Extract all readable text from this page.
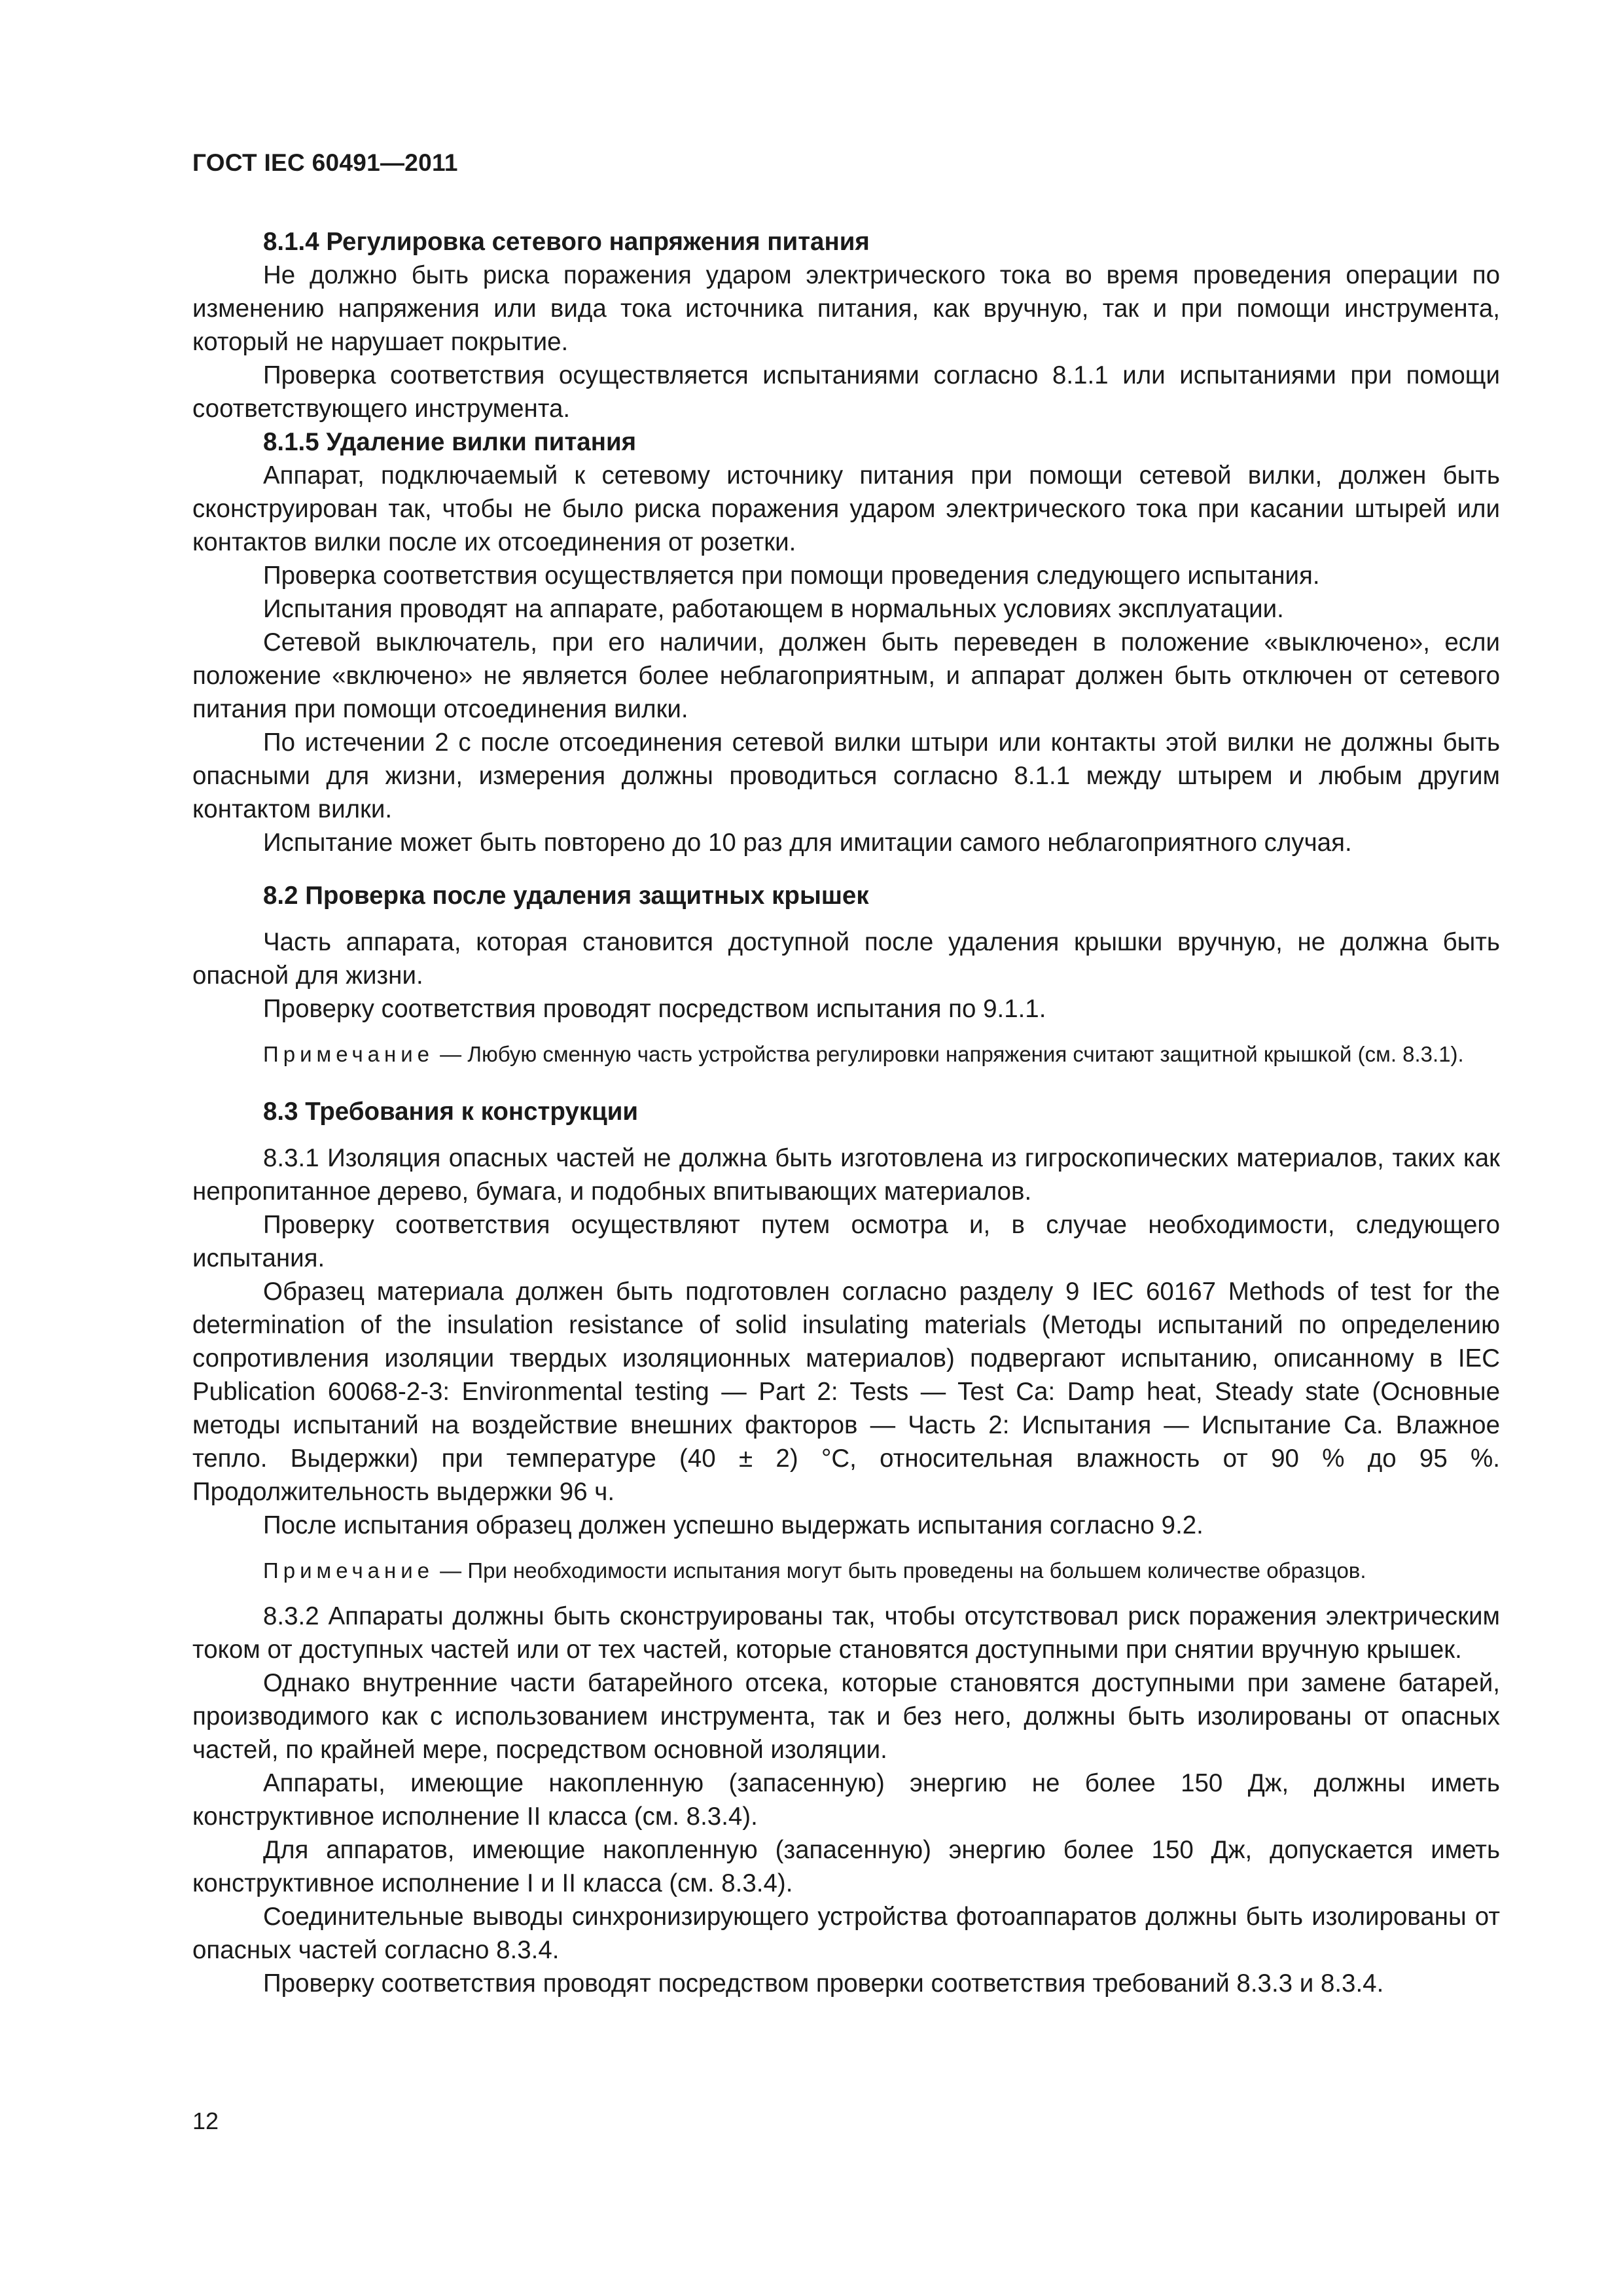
ГОСТ IEC 60491—2011
8.1.4 Регулировка сетевого напряжения питания

Не должно быть риска поражения ударом электрического тока во время проведения операции по изменению напряжения или вида тока источника питания, как вручную, так и при помощи инструмента, который не нарушает покрытие.

Проверка соответствия осуществляется испытаниями согласно 8.1.1 или испытаниями при помощи соответствующего инструмента.

8.1.5 Удаление вилки питания

Аппарат, подключаемый к сетевому источнику питания при помощи сетевой вилки, должен быть сконструирован так, чтобы не было риска поражения ударом электрического тока при касании штырей или контактов вилки после их отсоединения от розетки.

Проверка соответствия осуществляется при помощи проведения следующего испытания.

Испытания проводят на аппарате, работающем в нормальных условиях эксплуатации.

Сетевой выключатель, при его наличии, должен быть переведен в положение «выключено», если положение «включено» не является более неблагоприятным, и аппарат должен быть отключен от сетевого питания при помощи отсоединения вилки.

По истечении 2 с после отсоединения сетевой вилки штыри или контакты этой вилки не должны быть опасными для жизни, измерения должны проводиться согласно 8.1.1 между штырем и любым другим контактом вилки.

Испытание может быть повторено до 10 раз для имитации самого неблагоприятного случая.

8.2 Проверка после удаления защитных крышек

Часть аппарата, которая становится доступной после удаления крышки вручную, не должна быть опасной для жизни.

Проверку соответствия проводят посредством испытания по 9.1.1.

Примечание — Любую сменную часть устройства регулировки напряжения считают защитной крышкой (см. 8.3.1).

8.3 Требования к конструкции

8.3.1 Изоляция опасных частей не должна быть изготовлена из гигроскопических материалов, таких как непропитанное дерево, бумага, и подобных впитывающих материалов.

Проверку соответствия осуществляют путем осмотра и, в случае необходимости, следующего испытания.

Образец материала должен быть подготовлен согласно разделу 9 IEC 60167 Methods of test for the determination of the insulation resistance of solid insulating materials (Методы испытаний по определению сопротивления изоляции твердых изоляционных материалов) подвергают испытанию, описанному в IEC Publication 60068-2-3: Environmental testing — Part 2: Tests — Test Ca: Damp heat, Steady state (Основные методы испытаний на воздействие внешних факторов — Часть 2: Испытания — Испытание Са. Влажное тепло. Выдержки) при температуре (40 ± 2) °С, относительная влажность от 90 % до 95 %. Продолжительность выдержки 96 ч.

После испытания образец должен успешно выдержать испытания согласно 9.2.

Примечание — При необходимости испытания могут быть проведены на большем количестве образцов.

8.3.2 Аппараты должны быть сконструированы так, чтобы отсутствовал риск поражения электрическим током от доступных частей или от тех частей, которые становятся доступными при снятии вручную крышек.

Однако внутренние части батарейного отсека, которые становятся доступными при замене батарей, производимого как с использованием инструмента, так и без него, должны быть изолированы от опасных частей, по крайней мере, посредством основной изоляции.

Аппараты, имеющие накопленную (запасенную) энергию не более 150 Дж, должны иметь конструктивное исполнение II класса (см. 8.3.4).

Для аппаратов, имеющие накопленную (запасенную) энергию более 150 Дж, допускается иметь конструктивное исполнение I и II класса (см. 8.3.4).

Соединительные выводы синхронизирующего устройства фотоаппаратов должны быть изолированы от опасных частей согласно 8.3.4.

Проверку соответствия проводят посредством проверки соответствия требований 8.3.3 и 8.3.4.

12
